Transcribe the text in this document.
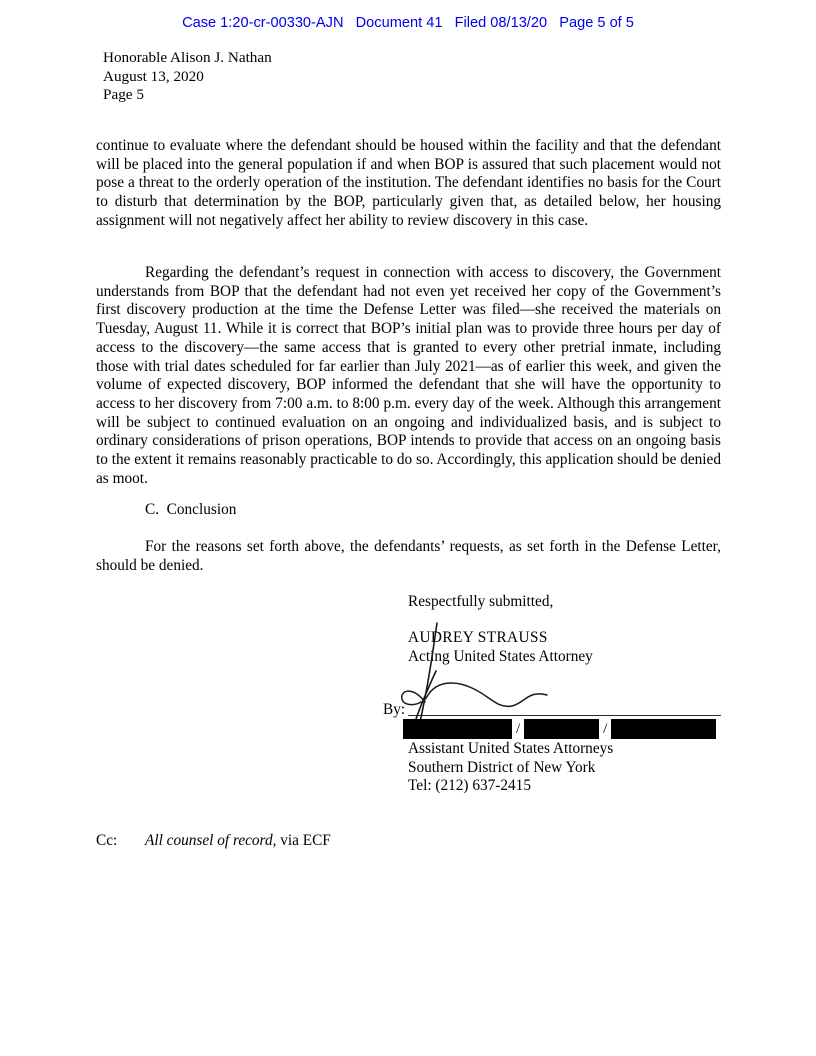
Case 1:20-cr-00330-AJN   Document 41   Filed 08/13/20   Page 5 of 5
Honorable Alison J. Nathan
August 13, 2020
Page 5

continue to evaluate where the defendant should be housed within the facility and that the defendant will be placed into the general population if and when BOP is assured that such placement would not pose a threat to the orderly operation of the institution. The defendant identifies no basis for the Court to disturb that determination by the BOP, particularly given that, as detailed below, her housing assignment will not negatively affect her ability to review discovery in this case.

Regarding the defendant’s request in connection with access to discovery, the Government understands from BOP that the defendant had not even yet received her copy of the Government’s first discovery production at the time the Defense Letter was filed—she received the materials on Tuesday, August 11. While it is correct that BOP’s initial plan was to provide three hours per day of access to the discovery—the same access that is granted to every other pretrial inmate, including those with trial dates scheduled for far earlier than July 2021—as of earlier this week, and given the volume of expected discovery, BOP informed the defendant that she will have the opportunity to access to her discovery from 7:00 a.m. to 8:00 p.m. every day of the week. Although this arrangement will be subject to continued evaluation on an ongoing and individualized basis, and is subject to ordinary considerations of prison operations, BOP intends to provide that access on an ongoing basis to the extent it remains reasonably practicable to do so. Accordingly, this application should be denied as moot.

C.  Conclusion

For the reasons set forth above, the defendants’ requests, as set forth in the Defense Letter, should be denied.

Respectfully submitted,
AUDREY STRAUSS
Acting United States Attorney
By:
/	/
Assistant United States Attorneys
Southern District of New York
Tel: (212) 637-2415
Cc:	All counsel of record, via ECF
